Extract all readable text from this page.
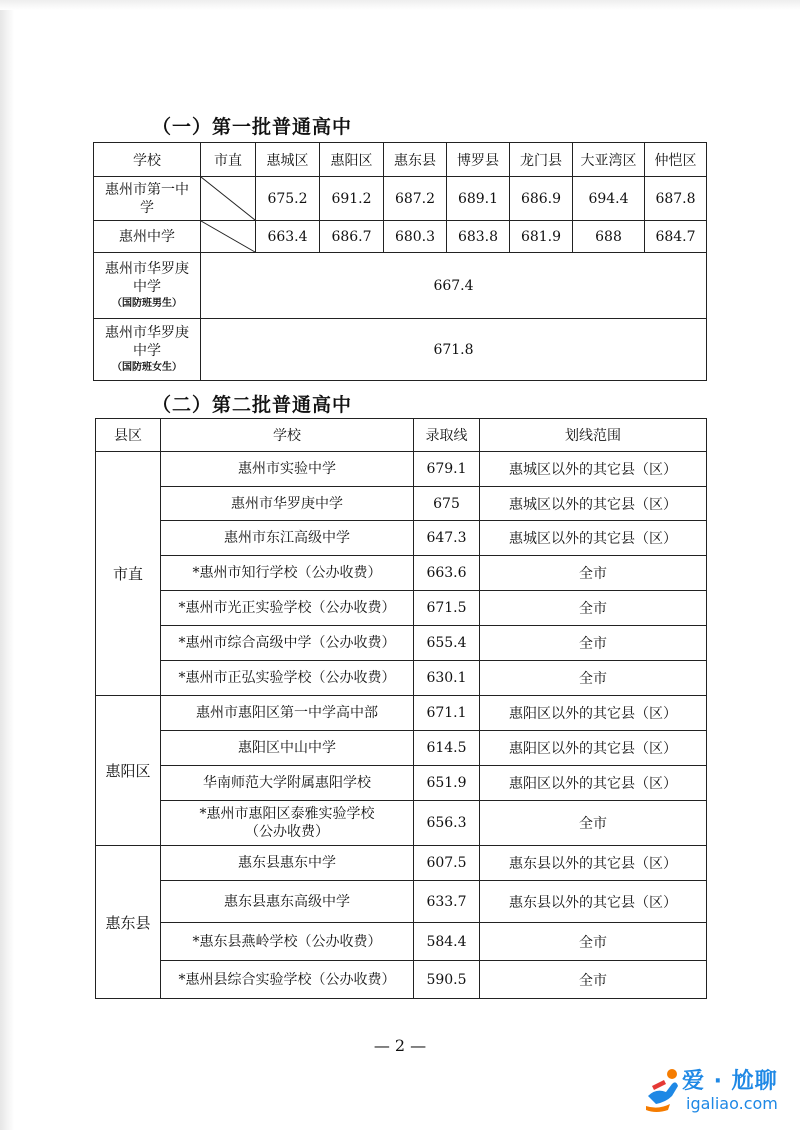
（一）第一批普通高中
学校	市直	惠城区	惠阳区	惠东县	博罗县	龙门县	大亚湾区	仲恺区
惠州市第一中学		675.2	691.2	687.2	689.1	686.9	694.4	687.8
惠州中学		663.4	686.7	680.3	683.8	681.9	688	684.7
惠州市华罗庚中学
（国防班男生）	667.4							
惠州市华罗庚中学
（国防班女生）	671.8							
（二）第二批普通高中
县区	学校	录取线	划线范围
市直	惠州市实验中学	679.1	惠城区以外的其它县（区）
	惠州市华罗庚中学	675	惠城区以外的其它县（区）
	惠州市东江高级中学	647.3	惠城区以外的其它县（区）
	*惠州市知行学校（公办收费）	663.6	全市
	*惠州市光正实验学校（公办收费）	671.5	全市
	*惠州市综合高级中学（公办收费）	655.4	全市
	*惠州市正弘实验学校（公办收费）	630.1	全市
惠阳区	惠州市惠阳区第一中学高中部	671.1	惠阳区以外的其它县（区）
	惠阳区中山中学	614.5	惠阳区以外的其它县（区）
	华南师范大学附属惠阳学校	651.9	惠阳区以外的其它县（区）
	*惠州市惠阳区泰雅实验学校
（公办收费）	656.3	全市
惠东县	惠东县惠东中学	607.5	惠东县以外的其它县（区）
	惠东县惠东高级中学	633.7	惠东县以外的其它县（区）
	*惠东县燕岭学校（公办收费）	584.4	全市
	*惠州县综合实验学校（公办收费）	590.5	全市
— 2 —
爱 · 尬聊
igaliao.com
